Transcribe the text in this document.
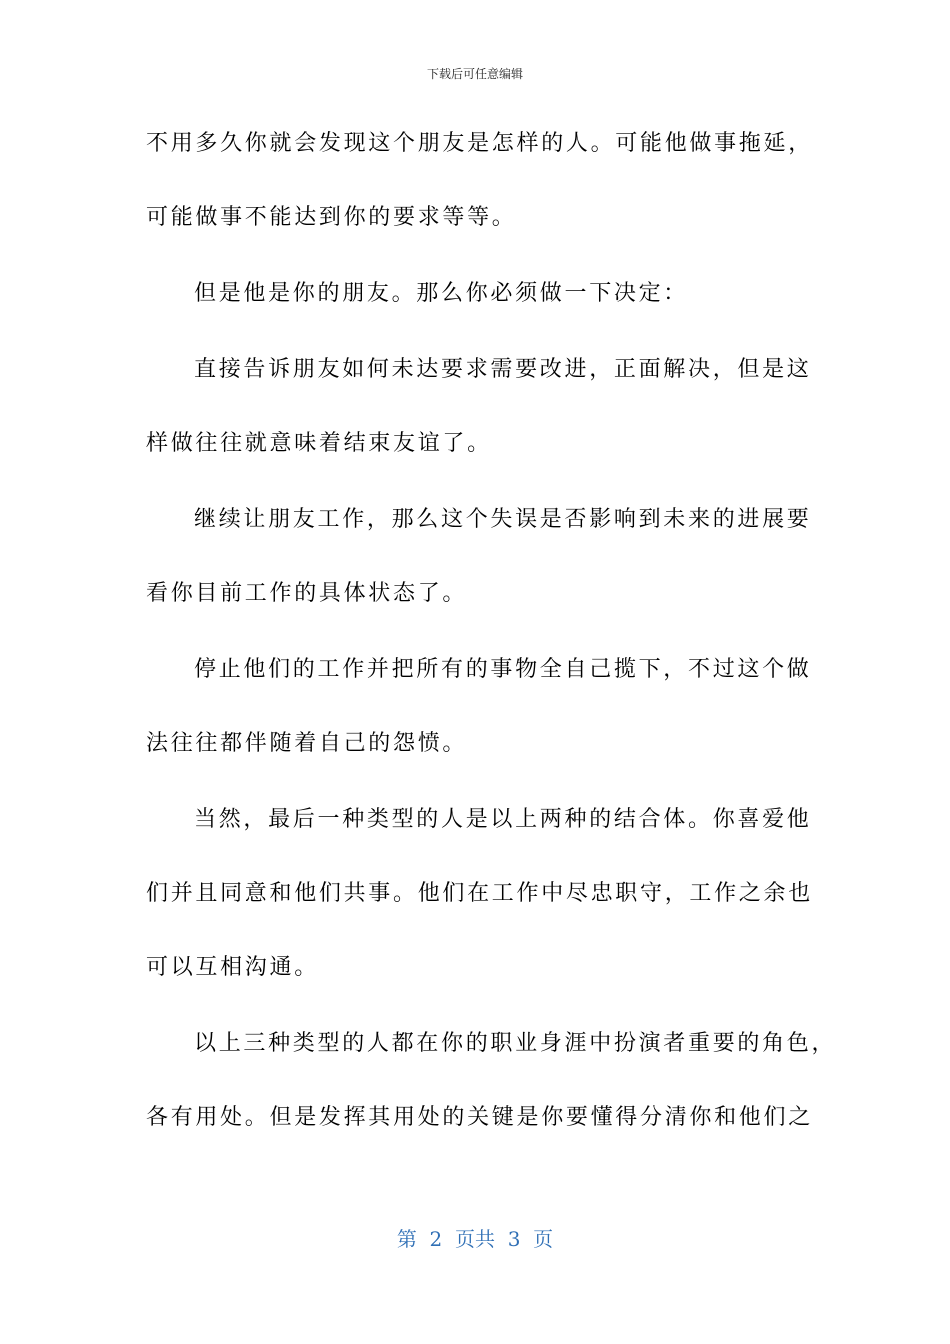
下载后可任意编辑
不用多久你就会发现这个朋友是怎样的人。可能他做事拖延，
可能做事不能达到你的要求等等。
但是他是你的朋友。那么你必须做一下决定：
直接告诉朋友如何未达要求需要改进，正面解决，但是这
样做往往就意味着结束友谊了。
继续让朋友工作，那么这个失误是否影响到未来的进展要
看你目前工作的具体状态了。
停止他们的工作并把所有的事物全自己揽下，不过这个做
法往往都伴随着自己的怨愤。
当然，最后一种类型的人是以上两种的结合体。你喜爱他
们并且同意和他们共事。他们在工作中尽忠职守，工作之余也
可以互相沟通。
以上三种类型的人都在你的职业身涯中扮演者重要的角色，
各有用处。但是发挥其用处的关键是你要懂得分清你和他们之
第  2  页共  3  页
